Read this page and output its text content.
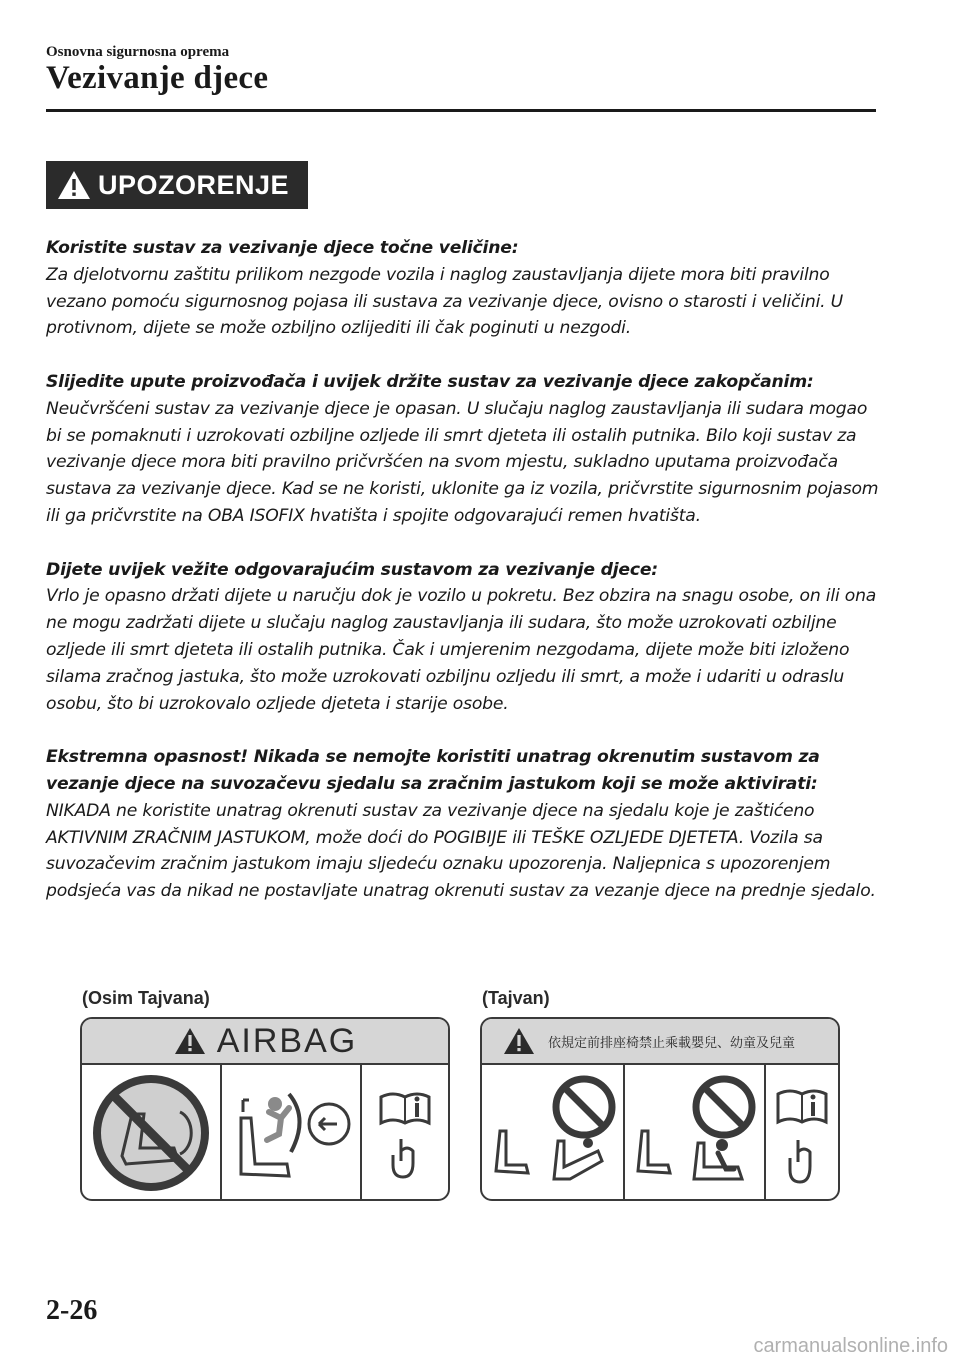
Osnovna sigurnosna oprema
Vezivanje djece
UPOZORENJE
Koristite sustav za vezivanje djece točne veličine:
Za djelotvornu zaštitu prilikom nezgode vozila i naglog zaustavljanja dijete mora biti pravilno vezano pomoću sigurnosnog pojasa ili sustava za vezivanje djece, ovisno o starosti i veličini. U protivnom, dijete se može ozbiljno ozlijediti ili čak poginuti u nezgodi.
Slijedite upute proizvođača i uvijek držite sustav za vezivanje djece zakopčanim:
Neučvršćeni sustav za vezivanje djece je opasan. U slučaju naglog zaustavljanja ili sudara mogao bi se pomaknuti i uzrokovati ozbiljne ozljede ili smrt djeteta ili ostalih putnika. Bilo koji sustav za vezivanje djece mora biti pravilno pričvršćen na svom mjestu, sukladno uputama proizvođača sustava za vezivanje djece. Kad se ne koristi, uklonite ga iz vozila, pričvrstite sigurnosnim pojasom ili ga pričvrstite na OBA ISOFIX hvatišta i spojite odgovarajući remen hvatišta.
Dijete uvijek vežite odgovarajućim sustavom za vezivanje djece:
Vrlo je opasno držati dijete u naručju dok je vozilo u pokretu. Bez obzira na snagu osobe, on ili ona ne mogu zadržati dijete u slučaju naglog zaustavljanja ili sudara, što može uzrokovati ozbiljne ozljede ili smrt djeteta ili ostalih putnika. Čak i umjerenim nezgodama, dijete može biti izloženo silama zračnog jastuka, što može uzrokovati ozbiljnu ozljedu ili smrt, a može i udariti u odraslu osobu, što bi uzrokovalo ozljede djeteta i starije osobe.
Ekstremna opasnost! Nikada se nemojte koristiti unatrag okrenutim sustavom za vezanje djece na suvozačevu sjedalu sa zračnim jastukom koji se može aktivirati:
NIKADA ne koristite unatrag okrenuti sustav za vezivanje djece na sjedalu koje je zaštićeno AKTIVNIM ZRAČNIM JASTUKOM, može doći do POGIBIJE ili TEŠKE OZLJEDE DJETETA. Vozila sa suvozačevim zračnim jastukom imaju sljedeću oznaku upozorenja. Naljepnica s upozorenjem podsjeća vas da nikad ne postavljate unatrag okrenuti sustav za vezanje djece na prednje sjedalo.
(Osim Tajvana)
AIRBAG
(Tajvan)
依規定前排座椅禁止乘載嬰兒、幼童及兒童
2-26
carmanualsonline.info
